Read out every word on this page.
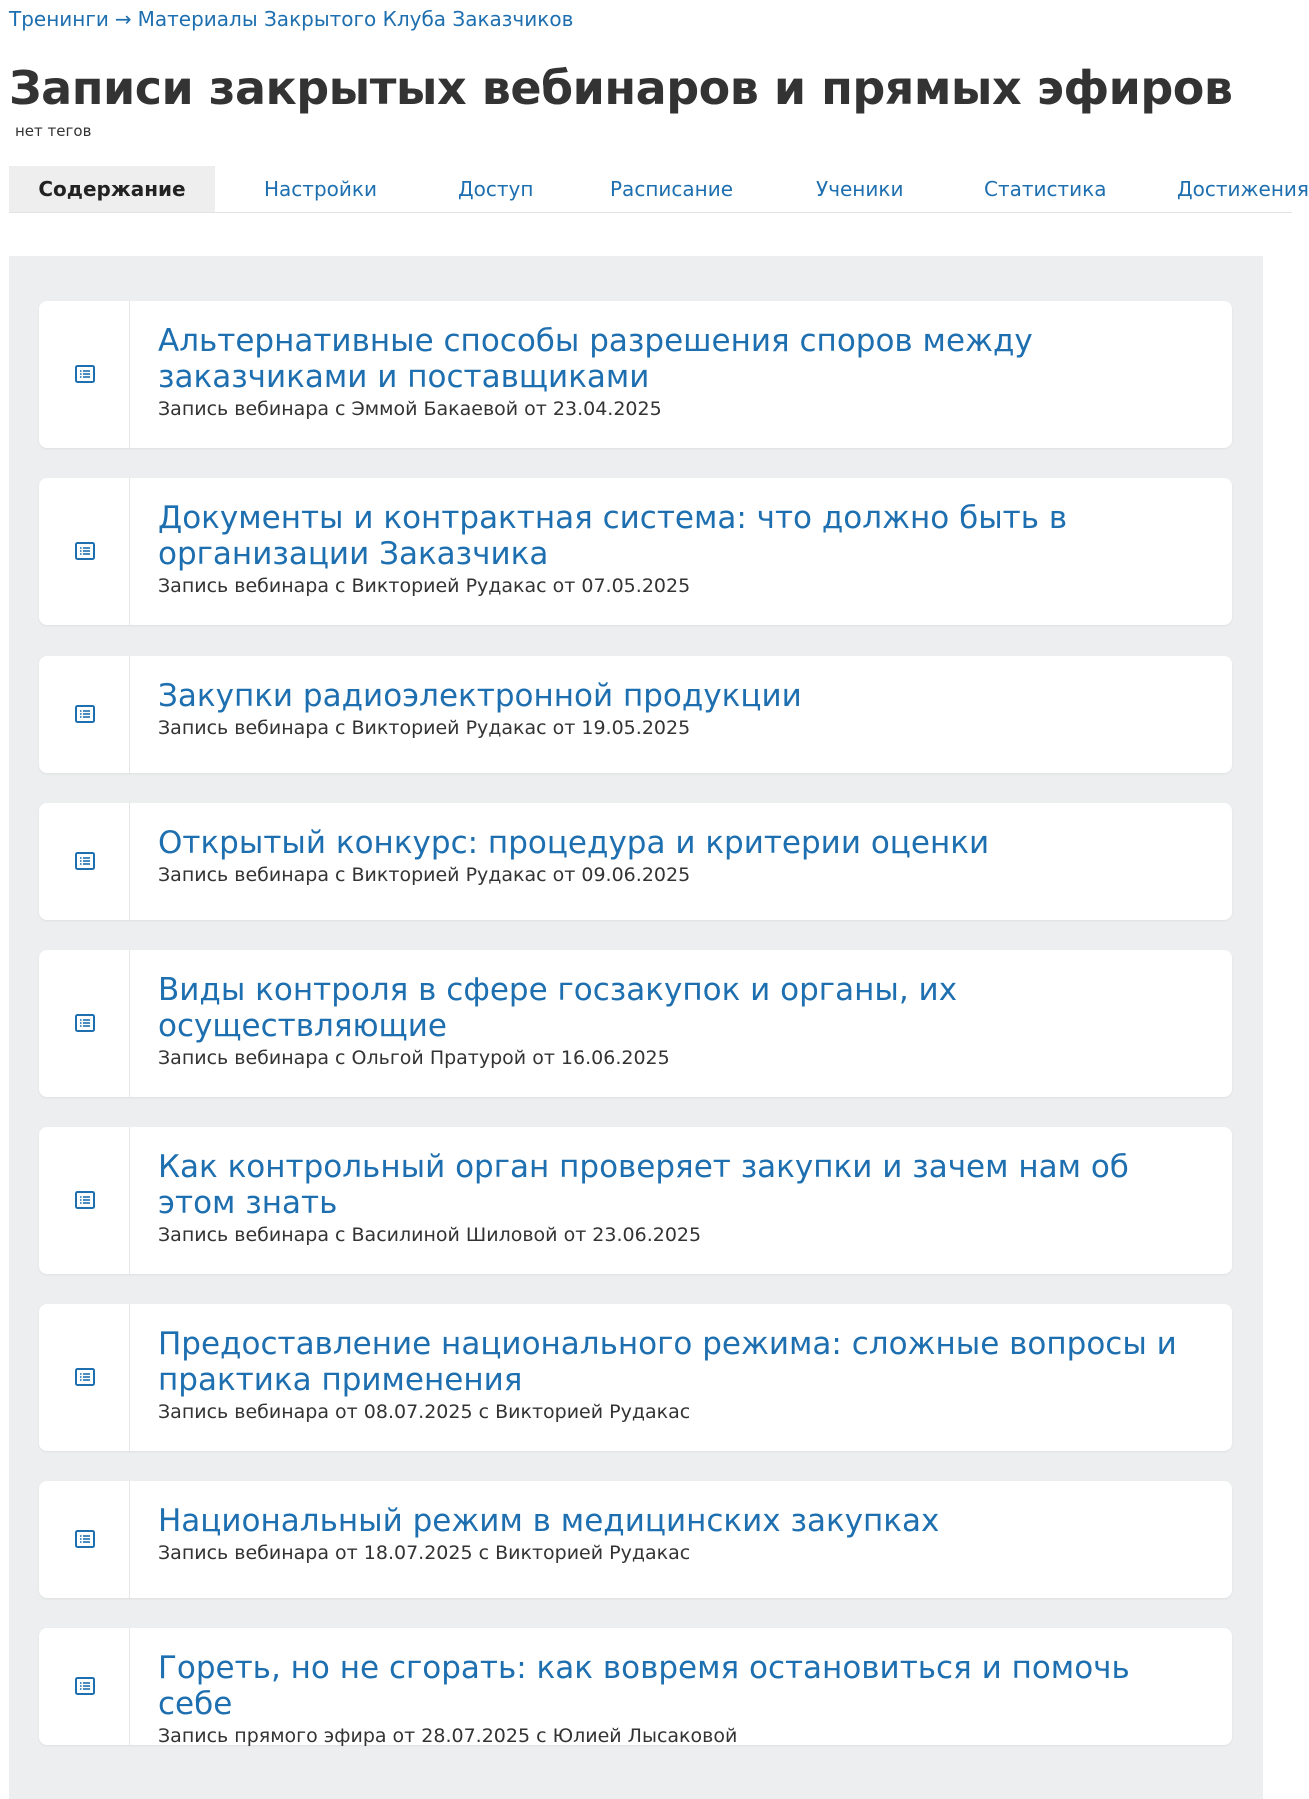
Тренинги → Материалы Закрытого Клуба Заказчиков
Записи закрытых вебинаров и прямых эфиров
нет тегов
Содержание	Настройки	Доступ	Расписание	Ученики	Статистика	Достижения
Альтернативные способы разрешения споров между заказчиками и поставщиками
Запись вебинара с Эммой Бакаевой от 23.04.2025
Документы и контрактная система: что должно быть в организации Заказчика
Запись вебинара с Викторией Рудакас от 07.05.2025
Закупки радиоэлектронной продукции
Запись вебинара с Викторией Рудакас от 19.05.2025
Открытый конкурс: процедура и критерии оценки
Запись вебинара с Викторией Рудакас от 09.06.2025
Виды контроля в сфере госзакупок и органы, их осуществляющие
Запись вебинара с Ольгой Пратурой от 16.06.2025
Как контрольный орган проверяет закупки и зачем нам об этом знать
Запись вебинара с Василиной Шиловой от 23.06.2025
Предоставление национального режима: сложные вопросы и практика применения
Запись вебинара от 08.07.2025 с Викторией Рудакас
Национальный режим в медицинских закупках
Запись вебинара от 18.07.2025 с Викторией Рудакас
Гореть, но не сгорать: как вовремя остановиться и помочь себе
Запись прямого эфира от 28.07.2025 с Юлией Лысаковой
